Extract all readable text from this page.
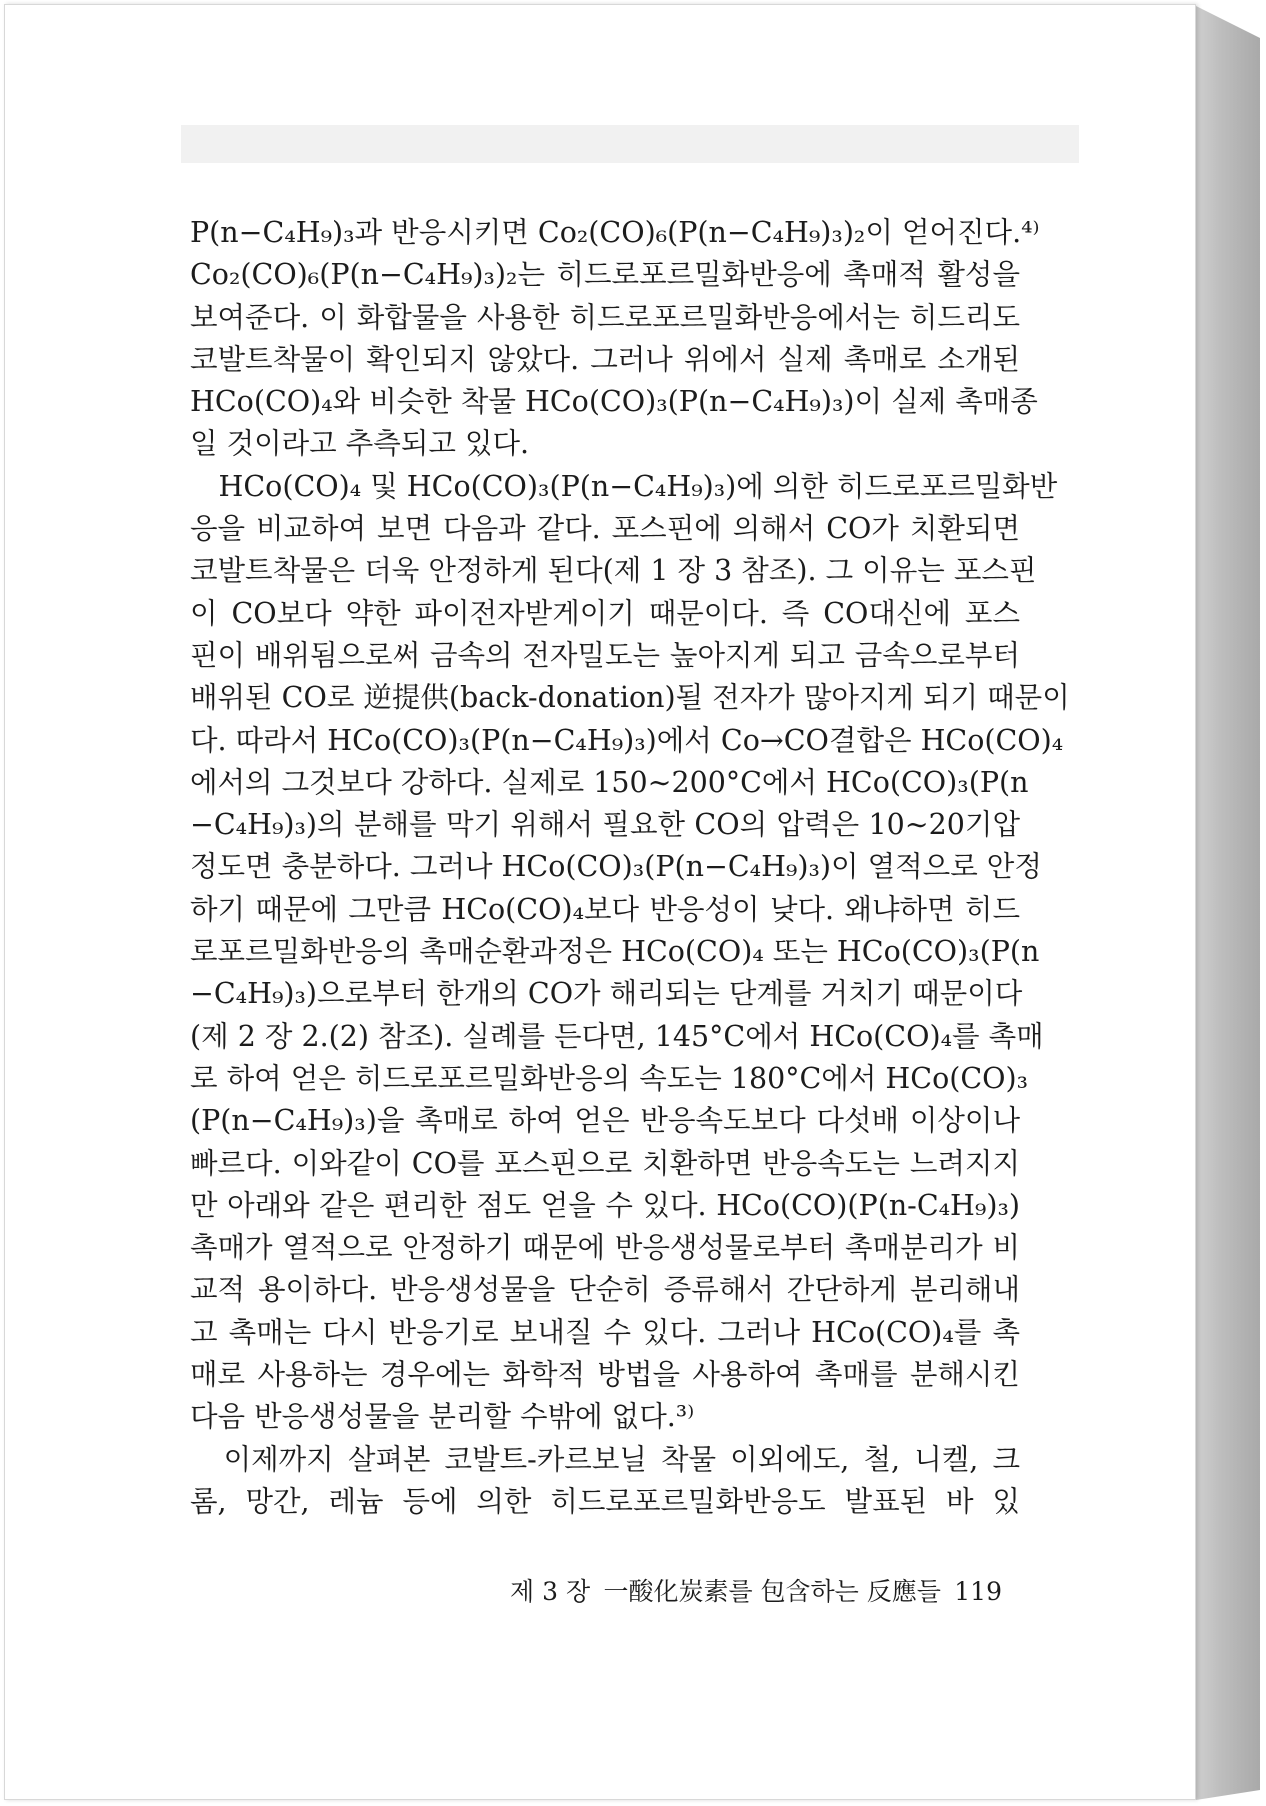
P(n−C₄H₉)₃과 반응시키면 Co₂(CO)₆(P(n−C₄H₉)₃)₂이 얻어진다.⁴⁾
Co₂(CO)₆(P(n−C₄H₉)₃)₂는 히드로포르밀화반응에 촉매적 활성을
보여준다. 이 화합물을 사용한 히드로포르밀화반응에서는 히드리도
코발트착물이 확인되지 않았다. 그러나 위에서 실제 촉매로 소개된
HCo(CO)₄와 비슷한 착물 HCo(CO)₃(P(n−C₄H₉)₃)이 실제 촉매종
일 것이라고 추측되고 있다.
　HCo(CO)₄ 및 HCo(CO)₃(P(n−C₄H₉)₃)에 의한 히드로포르밀화반
응을 비교하여 보면 다음과 같다. 포스핀에 의해서 CO가 치환되면
코발트착물은 더욱 안정하게 된다(제 1 장 3 참조). 그 이유는 포스핀
이 CO보다 약한 파이전자받게이기 때문이다. 즉 CO대신에 포스
핀이 배위됨으로써 금속의 전자밀도는 높아지게 되고 금속으로부터
배위된 CO로 逆提供(back-donation)될 전자가 많아지게 되기 때문이
다. 따라서 HCo(CO)₃(P(n−C₄H₉)₃)에서 Co→CO결합은 HCo(CO)₄
에서의 그것보다 강하다. 실제로 150∼200°C에서 HCo(CO)₃(P(n
−C₄H₉)₃)의 분해를 막기 위해서 필요한 CO의 압력은 10∼20기압
정도면 충분하다. 그러나 HCo(CO)₃(P(n−C₄H₉)₃)이 열적으로 안정
하기 때문에 그만큼 HCo(CO)₄보다 반응성이 낮다. 왜냐하면 히드
로포르밀화반응의 촉매순환과정은 HCo(CO)₄ 또는 HCo(CO)₃(P(n
−C₄H₉)₃)으로부터 한개의 CO가 해리되는 단계를 거치기 때문이다
(제 2 장 2.(2) 참조). 실례를 든다면, 145°C에서 HCo(CO)₄를 촉매
로 하여 얻은 히드로포르밀화반응의 속도는 180°C에서 HCo(CO)₃
(P(n−C₄H₉)₃)을 촉매로 하여 얻은 반응속도보다 다섯배 이상이나
빠르다. 이와같이 CO를 포스핀으로 치환하면 반응속도는 느려지지
만 아래와 같은 편리한 점도 얻을 수 있다. HCo(CO)(P(n-C₄H₉)₃)
촉매가 열적으로 안정하기 때문에 반응생성물로부터 촉매분리가 비
교적 용이하다. 반응생성물을 단순히 증류해서 간단하게 분리해내
고 촉매는 다시 반응기로 보내질 수 있다. 그러나 HCo(CO)₄를 촉
매로 사용하는 경우에는 화학적 방법을 사용하여 촉매를 분해시킨
다음 반응생성물을 분리할 수밖에 없다.³⁾
　이제까지 살펴본 코발트-카르보닐 착물 이외에도, 철, 니켈, 크
롬, 망간, 레늄 등에 의한 히드로포르밀화반응도 발표된 바 있
제 3 장 一酸化炭素를 包含하는 反應들 119
